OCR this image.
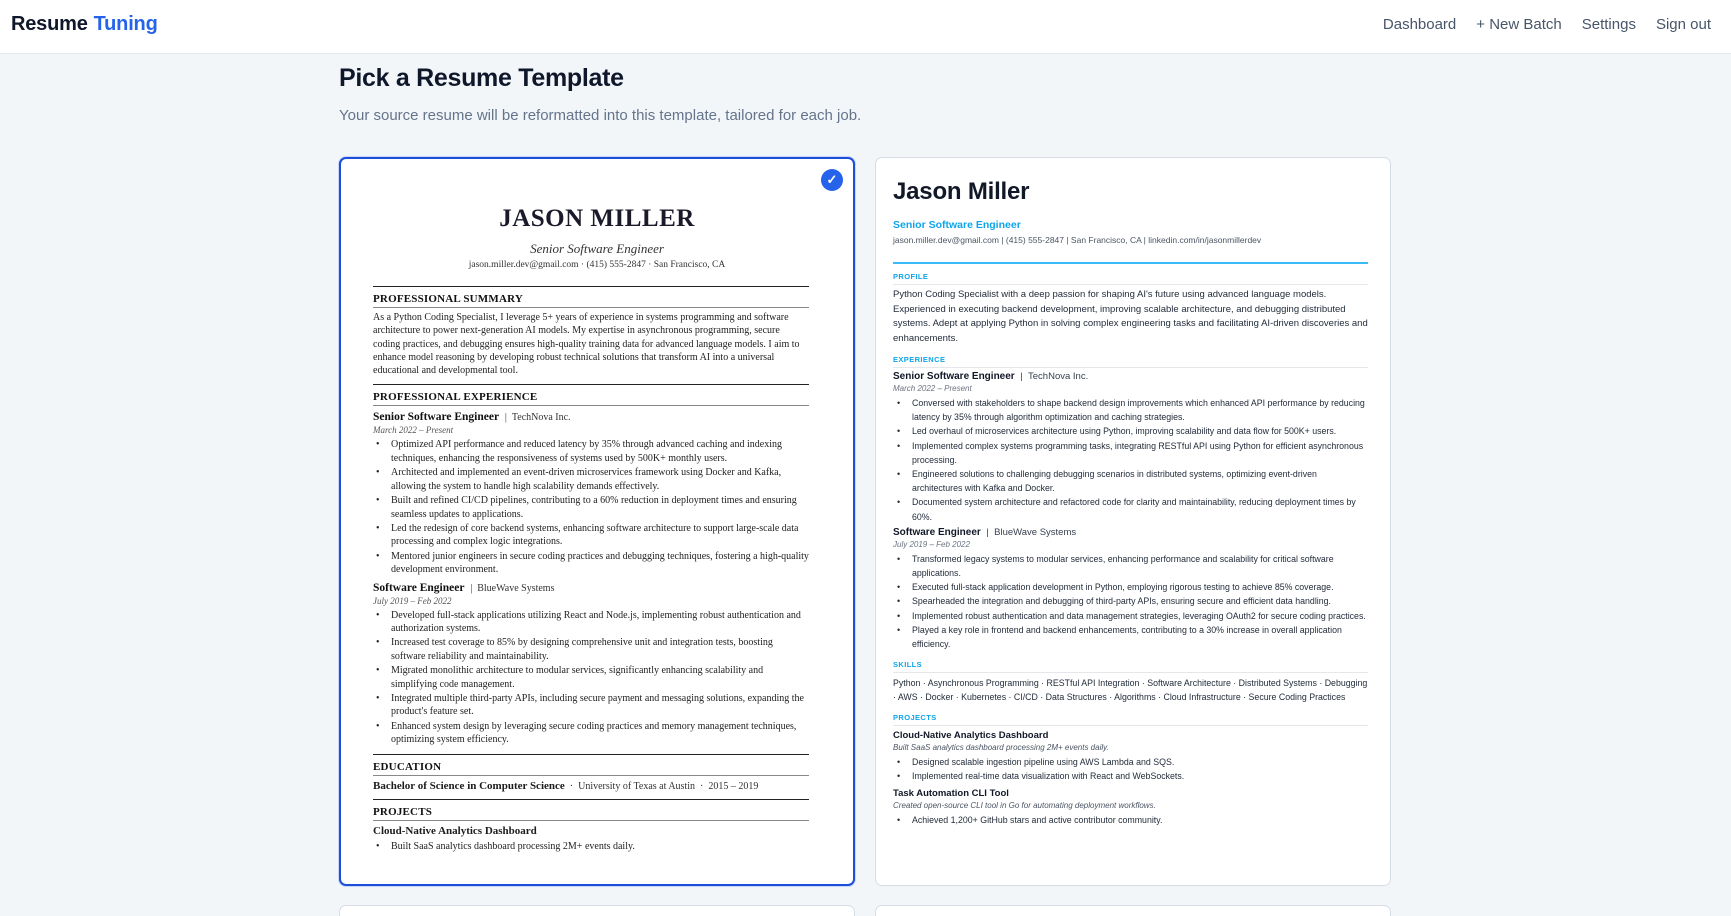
Resume Tuning	Dashboard + New Batch Settings Sign out
Pick a Resume Template

Your source resume will be reformatted into this template, tailored for each job.

✓
JASON MILLER
Senior Software Engineer
jason.miller.dev@gmail.com · (415) 555-2847 · San Francisco, CA
PROFESSIONAL SUMMARY
As a Python Coding Specialist, I leverage 5+ years of experience in systems programming and software architecture to power next-generation AI models. My expertise in asynchronous programming, secure coding practices, and debugging ensures high-quality training data for advanced language models. I aim to enhance model reasoning by developing robust technical solutions that transform AI into a universal educational and developmental tool.
PROFESSIONAL EXPERIENCE
Senior Software Engineer |  TechNova Inc.
March 2022 – Present
• Optimized API performance and reduced latency by 35% through advanced caching and indexing techniques, enhancing the responsiveness of systems used by 500K+ monthly users.
• Architected and implemented an event-driven microservices framework using Docker and Kafka, allowing the system to handle high scalability demands effectively.
• Built and refined CI/CD pipelines, contributing to a 60% reduction in deployment times and ensuring seamless updates to applications.
• Led the redesign of core backend systems, enhancing software architecture to support large-scale data processing and complex logic integrations.
• Mentored junior engineers in secure coding practices and debugging techniques, fostering a high-quality development environment.
Software Engineer |  BlueWave Systems
July 2019 – Feb 2022
• Developed full-stack applications utilizing React and Node.js, implementing robust authentication and authorization systems.
• Increased test coverage to 85% by designing comprehensive unit and integration tests, boosting software reliability and maintainability.
• Migrated monolithic architecture to modular services, significantly enhancing scalability and simplifying code management.
• Integrated multiple third-party APIs, including secure payment and messaging solutions, expanding the product's feature set.
• Enhanced system design by leveraging secure coding practices and memory management techniques, optimizing system efficiency.
EDUCATION
Bachelor of Science in Computer Science  ·  University of Texas at Austin  ·  2015 – 2019
PROJECTS
Cloud-Native Analytics Dashboard
• Built SaaS analytics dashboard processing 2M+ events daily.
Jason Miller
Senior Software Engineer
jason.miller.dev@gmail.com | (415) 555-2847 | San Francisco, CA | linkedin.com/in/jasonmillerdev
PROFILE
Python Coding Specialist with a deep passion for shaping AI's future using advanced language models. Experienced in executing backend development, improving scalable architecture, and debugging distributed systems. Adept at applying Python in solving complex engineering tasks and facilitating AI-driven discoveries and enhancements.
EXPERIENCE
Senior Software Engineer |  TechNova Inc.
March 2022 – Present
• Conversed with stakeholders to shape backend design improvements which enhanced API performance by reducing latency by 35% through algorithm optimization and caching strategies.
• Led overhaul of microservices architecture using Python, improving scalability and data flow for 500K+ users.
• Implemented complex systems programming tasks, integrating RESTful API using Python for efficient asynchronous processing.
• Engineered solutions to challenging debugging scenarios in distributed systems, optimizing event-driven architectures with Kafka and Docker.
• Documented system architecture and refactored code for clarity and maintainability, reducing deployment times by 60%.
Software Engineer |  BlueWave Systems
July 2019 – Feb 2022
• Transformed legacy systems to modular services, enhancing performance and scalability for critical software applications.
• Executed full-stack application development in Python, employing rigorous testing to achieve 85% coverage.
• Spearheaded the integration and debugging of third-party APIs, ensuring secure and efficient data handling.
• Implemented robust authentication and data management strategies, leveraging OAuth2 for secure coding practices.
• Played a key role in frontend and backend enhancements, contributing to a 30% increase in overall application efficiency.
SKILLS
Python · Asynchronous Programming · RESTful API Integration · Software Architecture · Distributed Systems · Debugging · AWS · Docker · Kubernetes · CI/CD · Data Structures · Algorithms · Cloud Infrastructure · Secure Coding Practices
PROJECTS
Cloud-Native Analytics Dashboard
Built SaaS analytics dashboard processing 2M+ events daily.
• Designed scalable ingestion pipeline using AWS Lambda and SQS.
• Implemented real-time data visualization with React and WebSockets.
Task Automation CLI Tool
Created open-source CLI tool in Go for automating deployment workflows.
• Achieved 1,200+ GitHub stars and active contributor community.
